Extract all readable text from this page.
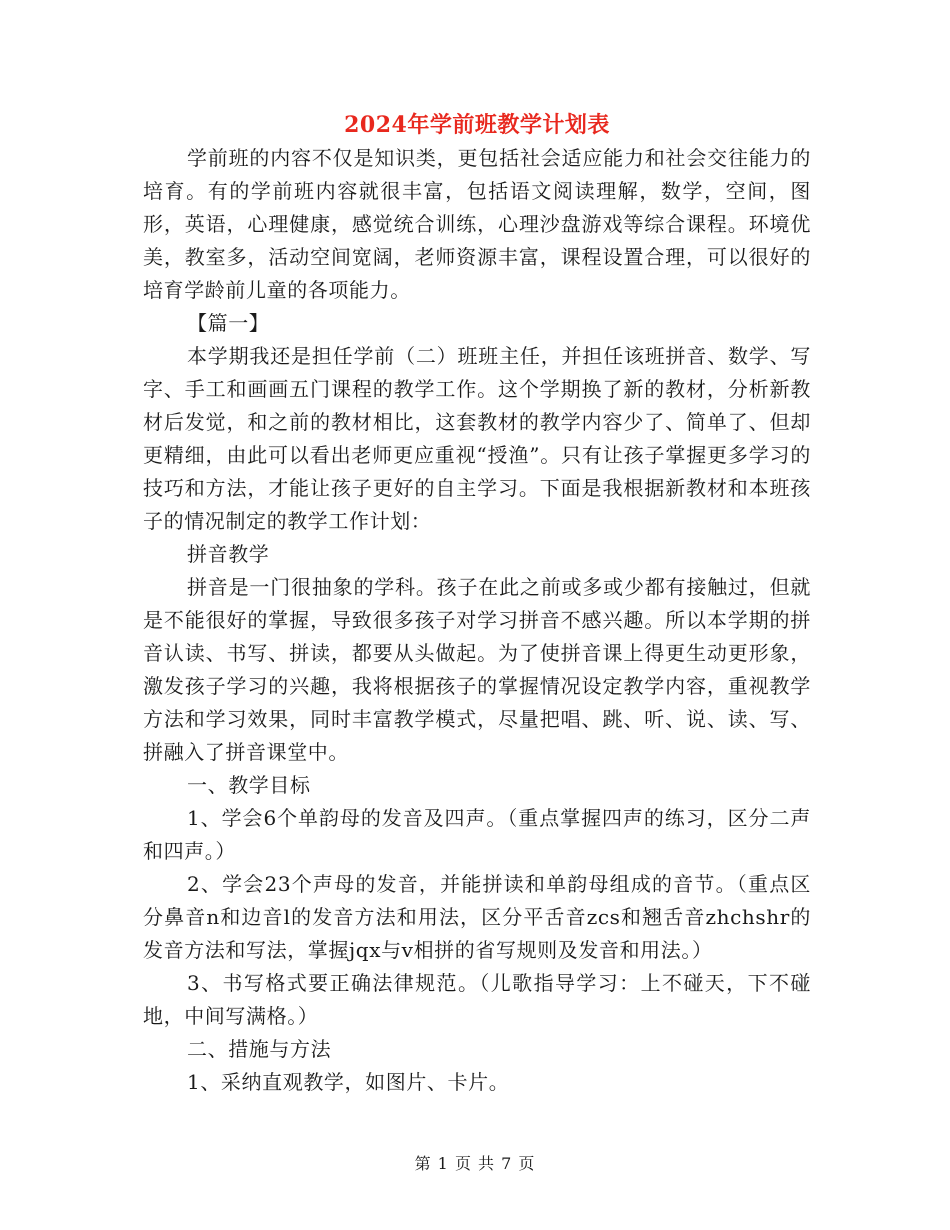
2024年学前班教学计划表

学前班的内容不仅是知识类，更包括社会适应能力和社会交往能力的培育。有的学前班内容就很丰富，包括语文阅读理解，数学，空间，图形，英语，心理健康，感觉统合训练，心理沙盘游戏等综合课程。环境优美，教室多，活动空间宽阔，老师资源丰富，课程设置合理，可以很好的培育学龄前儿童的各项能力。

【篇一】

本学期我还是担任学前（二）班班主任，并担任该班拼音、数学、写字、手工和画画五门课程的教学工作。这个学期换了新的教材，分析新教材后发觉，和之前的教材相比，这套教材的教学内容少了、简单了、但却更精细，由此可以看出老师更应重视“授渔”。只有让孩子掌握更多学习的技巧和方法，才能让孩子更好的自主学习。下面是我根据新教材和本班孩子的情况制定的教学工作计划：

拼音教学

拼音是一门很抽象的学科。孩子在此之前或多或少都有接触过，但就是不能很好的掌握，导致很多孩子对学习拼音不感兴趣。所以本学期的拼音认读、书写、拼读，都要从头做起。为了使拼音课上得更生动更形象，激发孩子学习的兴趣，我将根据孩子的掌握情况设定教学内容，重视教学方法和学习效果，同时丰富教学模式，尽量把唱、跳、听、说、读、写、拼融入了拼音课堂中。

一、教学目标

1、学会6个单韵母的发音及四声。（重点掌握四声的练习，区分二声和四声。）

2、学会23个声母的发音，并能拼读和单韵母组成的音节。（重点区分鼻音n和边音l的发音方法和用法，区分平舌音zcs和翘舌音zhchshr的发音方法和写法，掌握jqx与v相拼的省写规则及发音和用法。）

3、书写格式要正确法律规范。（儿歌指导学习：上不碰天，下不碰地，中间写满格。）

二、措施与方法

1、采纳直观教学，如图片、卡片。

第 1 页 共 7 页
